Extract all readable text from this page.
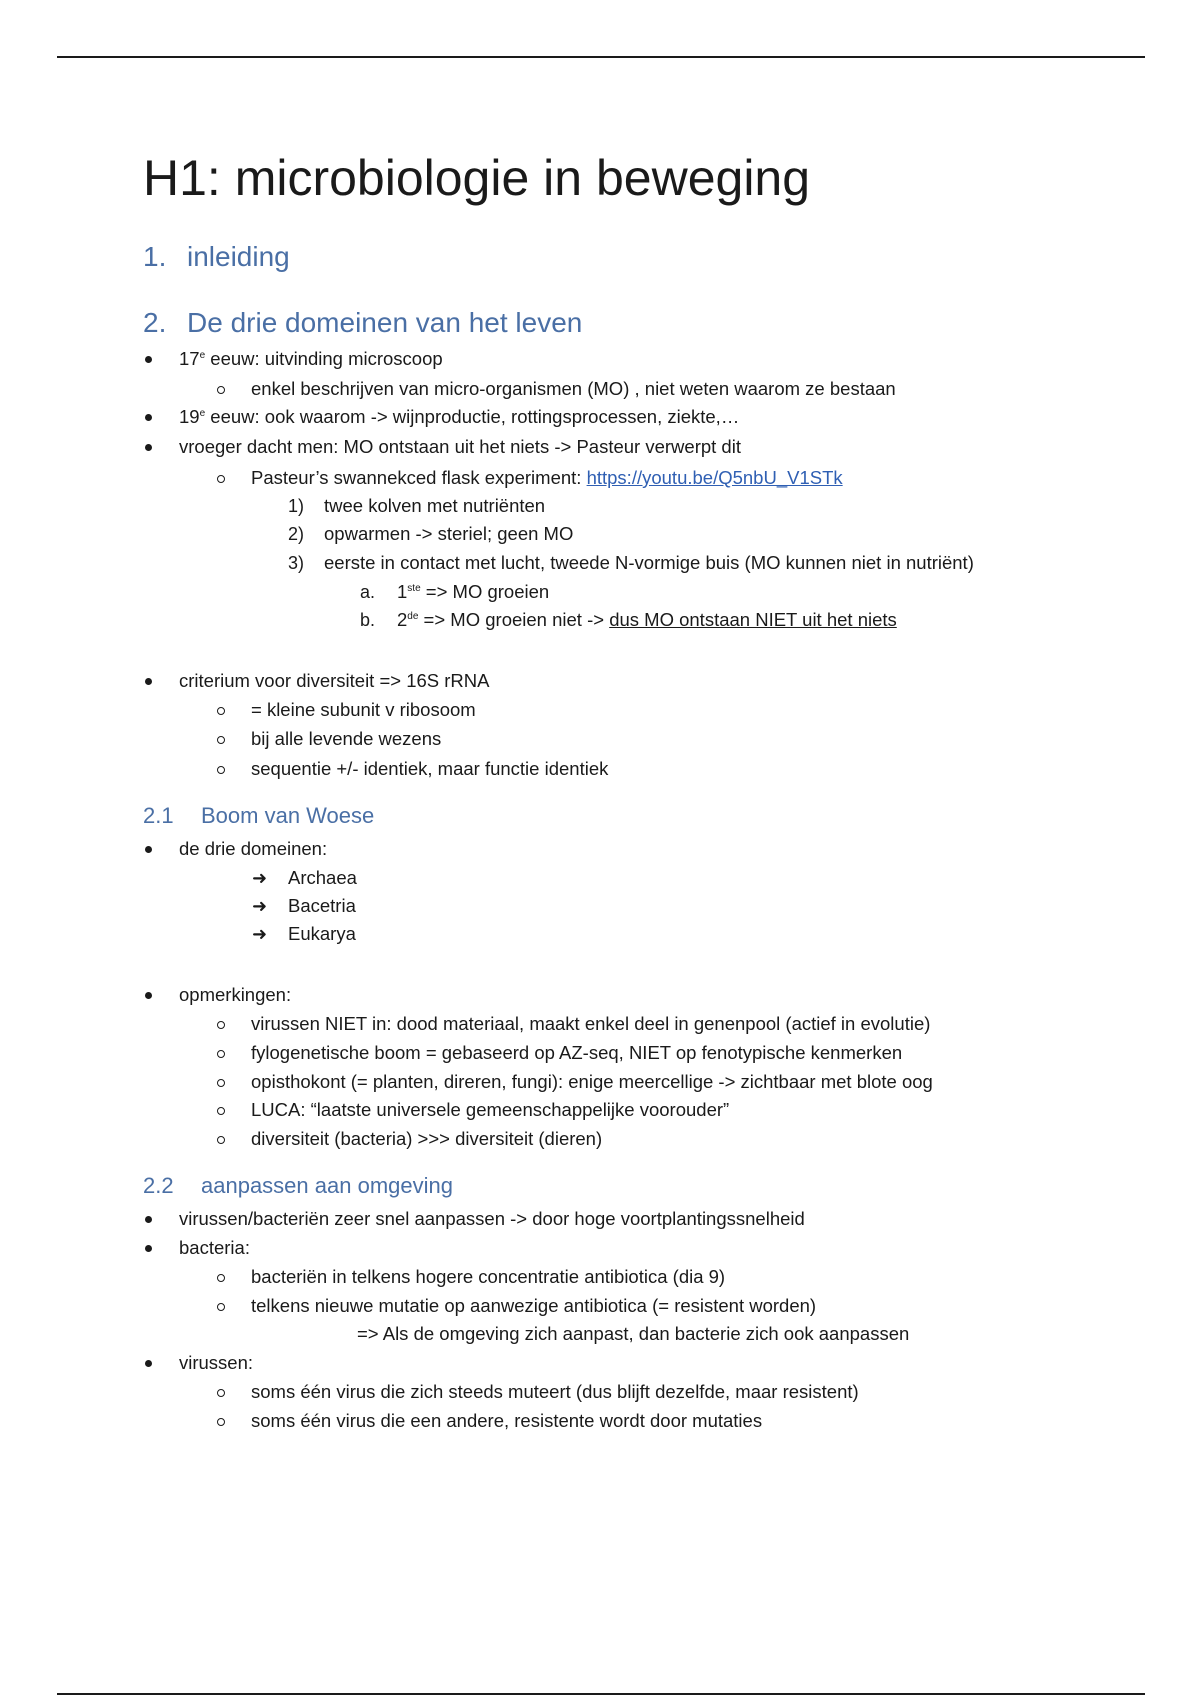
H1: microbiologie in beweging
1. inleiding
2. De drie domeinen van het leven
17e eeuw: uitvinding microscoop
enkel beschrijven van micro-organismen (MO) , niet weten waarom ze bestaan
19e eeuw: ook waarom -> wijnproductie, rottingsprocessen, ziekte,…
vroeger dacht men: MO ontstaan uit het niets -> Pasteur verwerpt dit
Pasteur’s swannekced flask experiment: https://youtu.be/Q5nbU_V1STk
1) twee kolven met nutriënten
2) opwarmen -> steriel; geen MO
3) eerste in contact met lucht, tweede N-vormige buis (MO kunnen niet in nutriënt)
a. 1ste => MO groeien
b. 2de => MO groeien niet -> dus MO ontstaan NIET uit het niets
criterium voor diversiteit => 16S rRNA
= kleine subunit v ribosoom
bij alle levende wezens
sequentie +/- identiek, maar functie identiek
2.1 Boom van Woese
de drie domeinen:
➜ Archaea
➜ Bacetria
➜ Eukarya
opmerkingen:
virussen NIET in: dood materiaal, maakt enkel deel in genenpool (actief in evolutie)
fylogenetische boom = gebaseerd op AZ-seq, NIET op fenotypische kenmerken
opisthokont (= planten, direren, fungi): enige meercellige -> zichtbaar met blote oog
LUCA: “laatste universele gemeenschappelijke voorouder”
diversiteit (bacteria) >>> diversiteit (dieren)
2.2 aanpassen aan omgeving
virussen/bacteriën zeer snel aanpassen -> door hoge voortplantingssnelheid
bacteria:
bacteriën in telkens hogere concentratie antibiotica (dia 9)
telkens nieuwe mutatie op aanwezige antibiotica (= resistent worden)
=> Als de omgeving zich aanpast, dan bacterie zich ook aanpassen
virussen:
soms één virus die zich steeds muteert (dus blijft dezelfde, maar resistent)
soms één virus die een andere, resistente wordt door mutaties
